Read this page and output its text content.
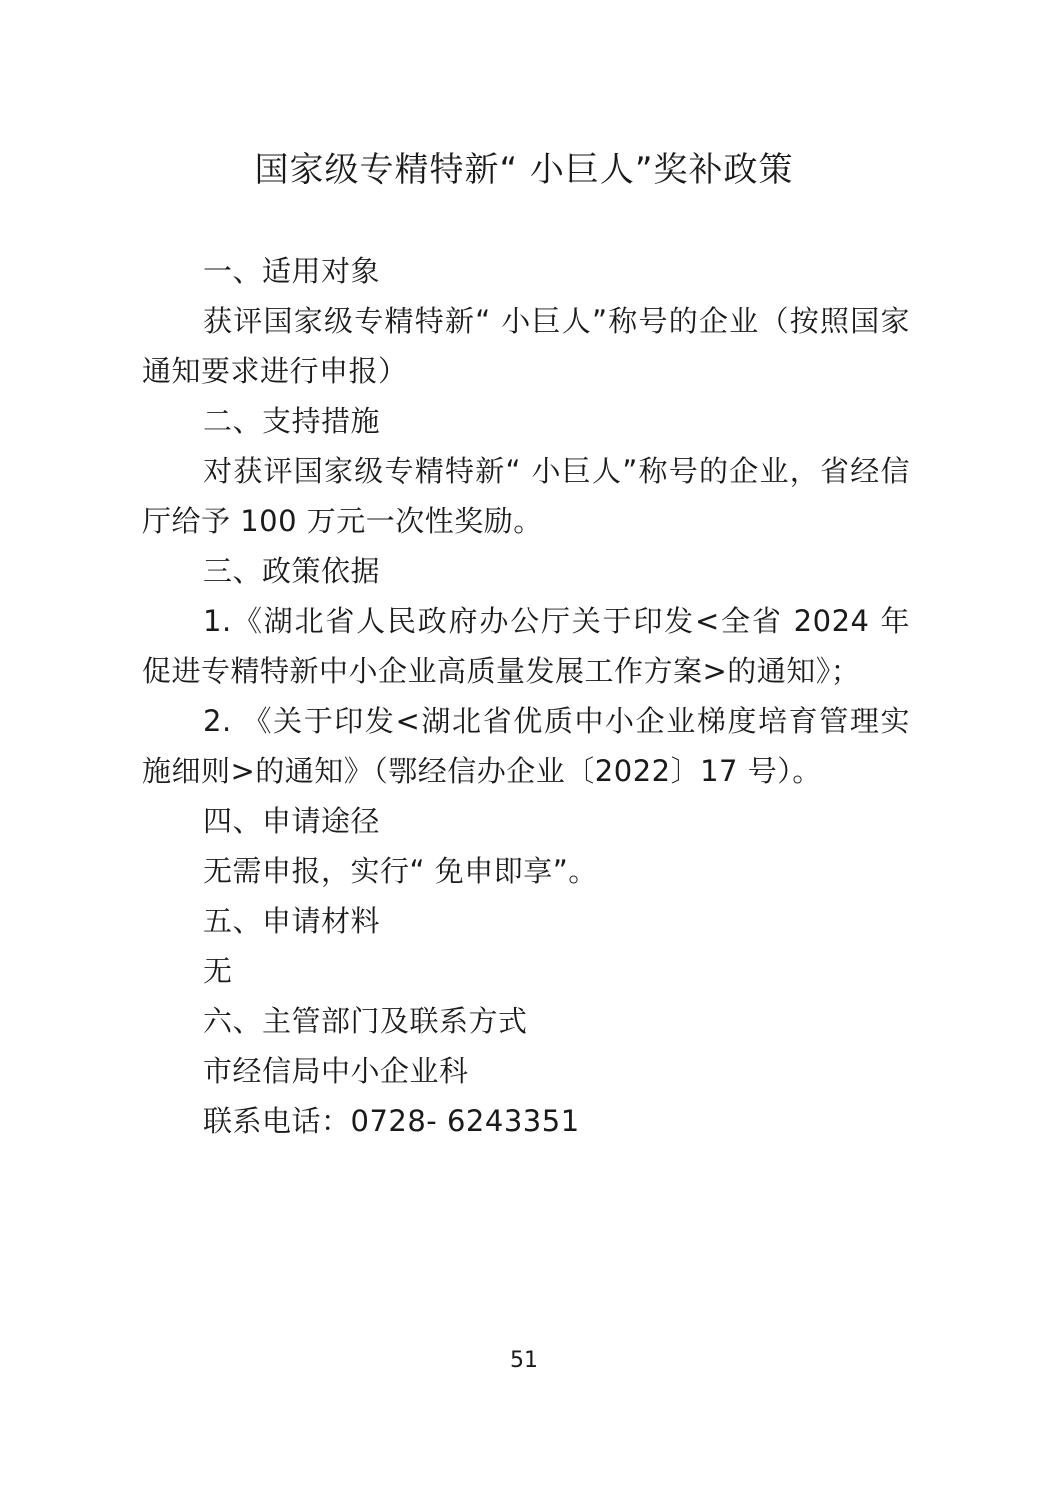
国家级专精特新“ 小巨人”奖补政策

一、适用对象

获评国家级专精特新“ 小巨人”称号的企业（按照国家通知要求进行申报）

二、支持措施

对获评国家级专精特新“ 小巨人”称号的企业，省经信厅给予 100 万元一次性奖励。

三、政策依据

1.《湖北省人民政府办公厅关于印发<全省 2024 年促进专精特新中小企业高质量发展工作方案>的通知》；

2. 《关于印发<湖北省优质中小企业梯度培育管理实施细则>的通知》（鄂经信办企业〔2022〕17 号）。

四、申请途径

无需申报，实行“ 免申即享”。

五、申请材料

无

六、主管部门及联系方式

市经信局中小企业科

联系电话：0728- 6243351

51
